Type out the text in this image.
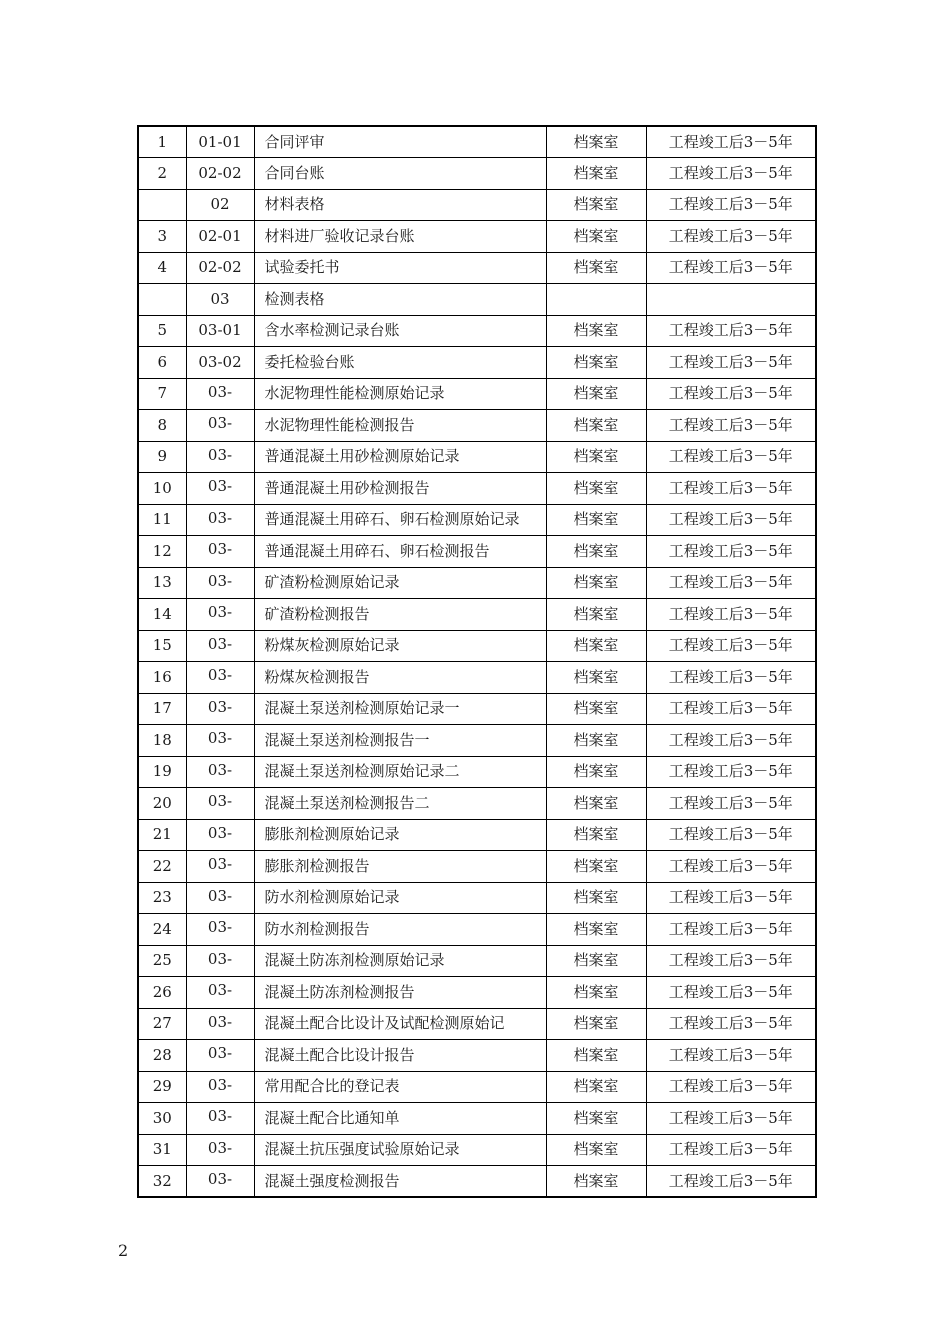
1	01-01	合同评审	档案室	工程竣工后3－5年
2	02-02	合同台账	档案室	工程竣工后3－5年
	02	材料表格	档案室	工程竣工后3－5年
3	02-01	材料进厂验收记录台账	档案室	工程竣工后3－5年
4	02-02	试验委托书	档案室	工程竣工后3－5年
	03	检测表格		
5	03-01	含水率检测记录台账	档案室	工程竣工后3－5年
6	03-02	委托检验台账	档案室	工程竣工后3－5年
7	03-	水泥物理性能检测原始记录	档案室	工程竣工后3－5年
8	03-	水泥物理性能检测报告	档案室	工程竣工后3－5年
9	03-	普通混凝土用砂检测原始记录	档案室	工程竣工后3－5年
10	03-	普通混凝土用砂检测报告	档案室	工程竣工后3－5年
11	03-	普通混凝土用碎石、卵石检测原始记录	档案室	工程竣工后3－5年
12	03-	普通混凝土用碎石、卵石检测报告	档案室	工程竣工后3－5年
13	03-	矿渣粉检测原始记录	档案室	工程竣工后3－5年
14	03-	矿渣粉检测报告	档案室	工程竣工后3－5年
15	03-	粉煤灰检测原始记录	档案室	工程竣工后3－5年
16	03-	粉煤灰检测报告	档案室	工程竣工后3－5年
17	03-	混凝土泵送剂检测原始记录一	档案室	工程竣工后3－5年
18	03-	混凝土泵送剂检测报告一	档案室	工程竣工后3－5年
19	03-	混凝土泵送剂检测原始记录二	档案室	工程竣工后3－5年
20	03-	混凝土泵送剂检测报告二	档案室	工程竣工后3－5年
21	03-	膨胀剂检测原始记录	档案室	工程竣工后3－5年
22	03-	膨胀剂检测报告	档案室	工程竣工后3－5年
23	03-	防水剂检测原始记录	档案室	工程竣工后3－5年
24	03-	防水剂检测报告	档案室	工程竣工后3－5年
25	03-	混凝土防冻剂检测原始记录	档案室	工程竣工后3－5年
26	03-	混凝土防冻剂检测报告	档案室	工程竣工后3－5年
27	03-	混凝土配合比设计及试配检测原始记	档案室	工程竣工后3－5年
28	03-	混凝土配合比设计报告	档案室	工程竣工后3－5年
29	03-	常用配合比的登记表	档案室	工程竣工后3－5年
30	03-	混凝土配合比通知单	档案室	工程竣工后3－5年
31	03-	混凝土抗压强度试验原始记录	档案室	工程竣工后3－5年
32	03-	混凝土强度检测报告	档案室	工程竣工后3－5年
2
